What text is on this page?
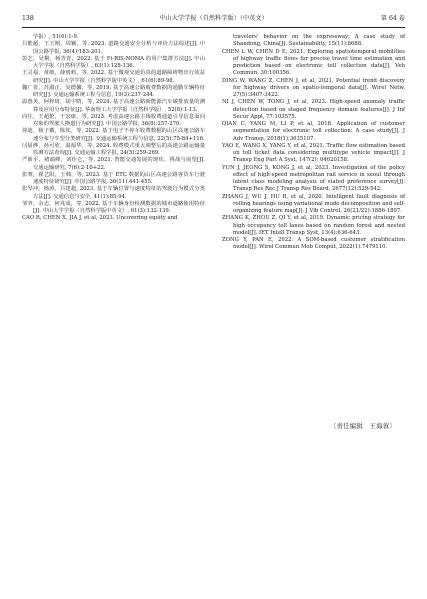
138	中山大学学报（自然科学版）（中英文）	第 64 卷

学报）, 51(6):1-9.

吕能超，王玉刚，周颖，等, 2023. 道路交通安全分析与评价方法综述[J]. 中国公路学报, 36(4):183-201.

彭艺，吴桐，杨青青，2022. 基于 Fi-RIS-NOMA 的用户集群方法[J]. 中山大学学报（自然科学版）, 63(1):128-136.

王灵福，黄敏，薛雨莉，等, 2022. 基于微观交通仿真的道路障碍物出行效益研究[J]. 中山大学学报（自然科学版中英文）, 61(6):89-98.

魏广奇，苏淑正，吴德馨，等, 2019. 基于高速公路收费数据的通勤车辆特征研究[J]. 交通运输系统工程与信息, 19(3):237-244.

温惠英，阿梓琦，胡宇晴，等, 2024. 基于高速公路新能源汽车碳排放量的测算及应用分布特征[J]. 华南理工大学学报（自然科学版）, 52(8):1-13.

向往，王超伦，于宏康，等, 2023. 考虑高速公路主线收费通道引导信息面向对象的驾驶人换道行为研究[J]. 中国公路学报, 36(8):257-270.

徐迪，杨子徽，陈钦，等, 2022. 基于电子不停车收费数据的山区高速公路车速分布与车型分类研究[J]. 交通运输系统工程与信息, 22(5):75-84+116.

闫晨烨，孙可欣，温福华，等, 2024. 收费模式重大调整后的高速公路运输量监测方法查询[J]. 交通运输工程学报, 24(5):259-269.

严新平，褚端峰，刘佳仑，等, 2021. 智能交通发展的现状、挑战与展望[J]. 交通运输研究, 7(6):2-10+22.

张赛，翟艺阳，王韩，等, 2023. 基于 ETC 数据的山区高速公路客货车行驶速度特征研究[J]. 中国公路学报, 36(11):441-455.

张琴冲，杨涛，吕建超, 2023. 基于车辆位置与速度特征的驾驶行为模式分类方法[J]. 交通信息与安全, 41(1):85-94.

邹爷，余志，何兆成，等, 2022. 基于车辆身份检测数据的城市道路使用特征[J]. 中山大学学报（自然科学版中英文）, 61(3):132-139.

CAO R, CHEN X, JIA J, et al, 2023. Uncovering equity and

travelers' behavior on the expressway: A case study of Shandong, China[J]. Sustainability, 15(11):8688.

CHEN L W, CHEN D E, 2021. Exploring spatiotemporal mobilities of highway traffic flows for precise travel time estimation and prediction based on electronic toll collection data[J]. Veh Commun, 30:100356.

DING W, WANG Z, CHEN J, et al, 2021. Potential trend discovery for highway drivers on spatio-temporal data[J]. Wirel Netw, 27(5):3407-3422.

NI J, CHEN W, TONG J, et al, 2023. High-speed anomaly traffic detection based on staged frequency domain features[J]. J Inf Secur Appl, 77:103575.

QIAN C, YANG M, LI P, et al, 2018. Application of customer segmentation for electronic toll collection: A case study[J]. J Adv Transp, 2018(1):3635107.

YAO E, WANG X, YANG Y, et al, 2021. Traffic flow estimation based on toll ticket data considering multitype vehicle impact[J]. J Transp Eng Part A Syst, 147(2): 04020158.

YUN J, JEONG S, KONG J, et al, 2023. Investigation of the policy effect of high-speed metropolitan rail service in seoul through latent class modeling analysis of stated preference survey[J]. Transp Res Rec J Transp Res Board, 2677(12):529-542.

ZHANG J, WU J, HU B, et al, 2020. Intelligent fault diagnosis of rolling bearings using variational mode decomposition and self-organizing feature map[J]. J Vib Control, 26(21/22):1886-1897.

ZHANG K, ZHOU Z, QI Y, et al, 2019. Dynamic pricing strategy for high occupancy toll lanes based on random forest and nested model[J]. IET Intell Transp Syst, 13(4):636-643.

ZONG Y, PAN E, 2022. A SOM-based customer stratification model[J]. Wirel Commun Mob Comput, 2022(1):7479110.

〔责任编辑　王海蓉〕
